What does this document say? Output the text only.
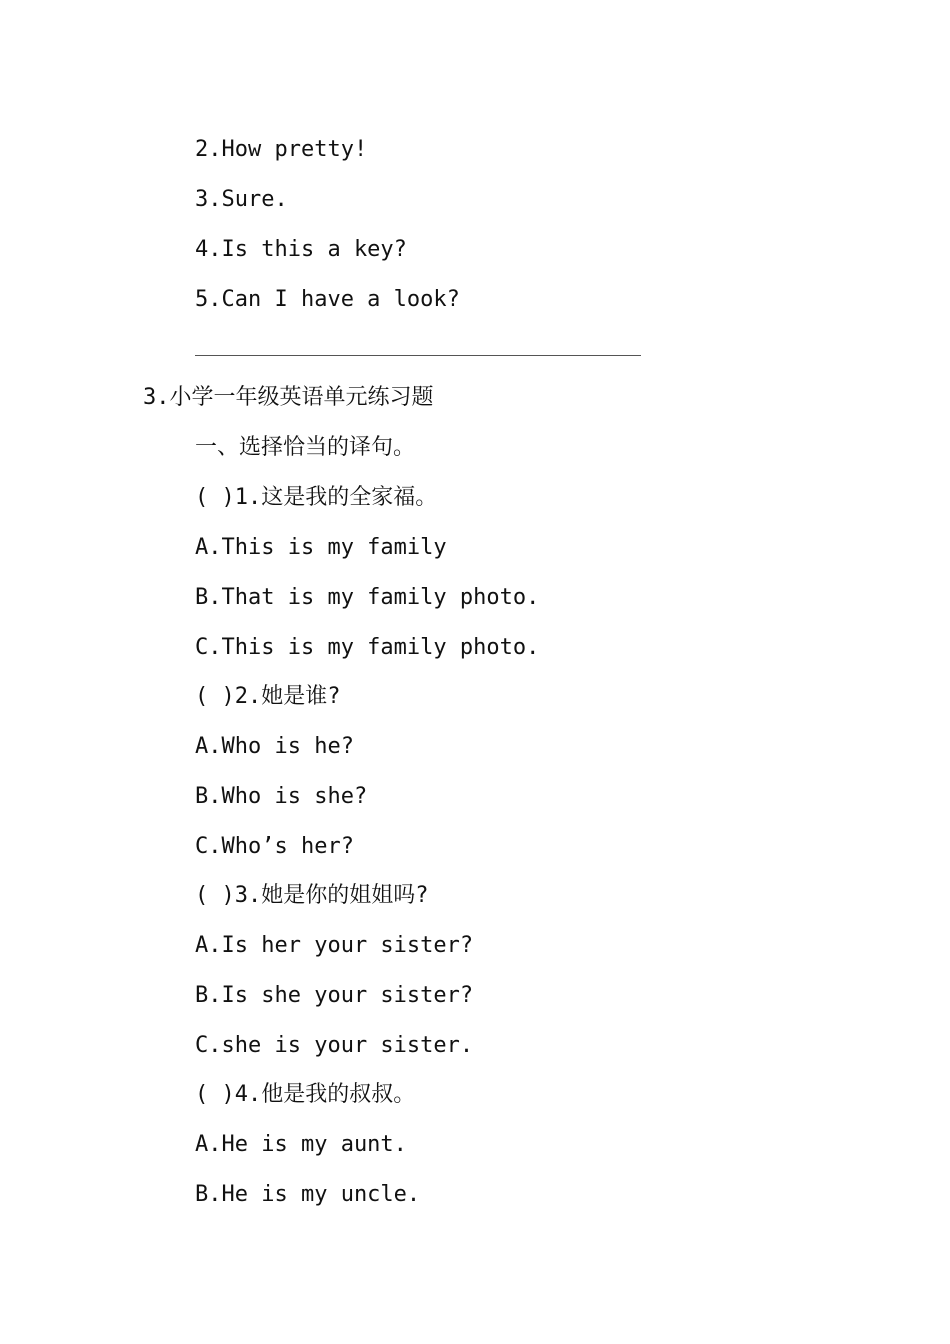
2.How pretty!
3.Sure.
4.Is this a key?
5.Can I have a look?
3.小学一年级英语单元练习题
一、选择恰当的译句。
( )1.这是我的全家福。
A.This is my family
B.That is my family photo.
C.This is my family photo.
( )2.她是谁?
A.Who is he?
B.Who is she?
C.Who’s her?
( )3.她是你的姐姐吗?
A.Is her your sister?
B.Is she your sister?
C.she is your sister.
( )4.他是我的叔叔。
A.He is my aunt.
B.He is my uncle.
